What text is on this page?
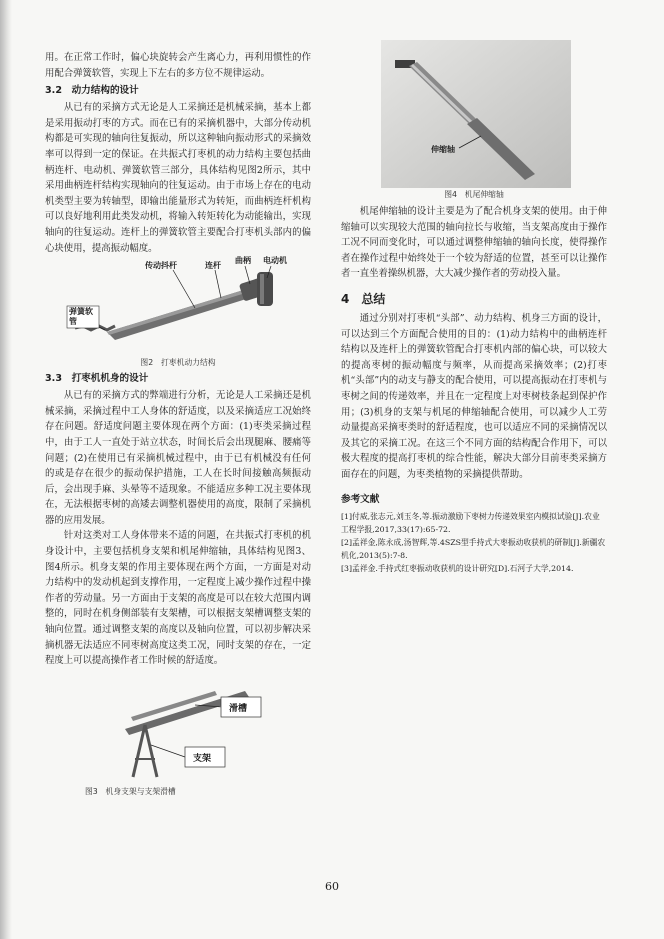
用。在正常工作时，偏心块旋转会产生离心力，再利用惯性的作用配合弹簧软管，实现上下左右的多方位不规律运动。

3.2　动力结构的设计

从已有的采摘方式无论是人工采摘还是机械采摘，基本上都是采用振动打枣的方式。而在已有的采摘机器中，大部分传动机构都是可实现的轴向往复振动，所以这种轴向振动形式的采摘效率可以得到一定的保证。在共振式打枣机的动力结构主要包括曲柄连杆、电动机、弹簧软管三部分，具体结构见图2所示，其中采用曲柄连杆结构实现轴向的往复运动。由于市场上存在的电动机类型主要为转轴型，即输出能量形式为转矩，而曲柄连杆机构可以良好地利用此类发动机，将输入转矩转化为动能输出，实现轴向的往复运动。连杆上的弹簧软管主要配合打枣机头部内的偏心块使用，提高振动幅度。

传动抖杆	连杆
曲柄 电动机
弹簧软管
图2　打枣机动力结构
3.3　打枣机机身的设计

从已有的采摘方式的弊端进行分析，无论是人工采摘还是机械采摘，采摘过程中工人身体的舒适度，以及采摘适应工况始终存在问题。舒适度问题主要体现在两个方面：(1)枣类采摘过程中，由于工人一直处于站立状态，时间长后会出现腿麻、腰痛等问题；(2)在使用已有采摘机械过程中，由于已有机械没有任何的或是存在很少的振动保护措施，工人在长时间接触高频振动后，会出现手麻、头晕等不适现象。不能适应多种工况主要体现在，无法根据枣树的高矮去调整机器使用的高度，限制了采摘机器的应用发展。

针对这类对工人身体带来不适的问题，在共振式打枣机的机身设计中，主要包括机身支架和机尾伸缩轴，具体结构见图3、图4所示。机身支架的作用主要体现在两个方面，一方面是对动力结构中的发动机起到支撑作用，一定程度上减少操作过程中操作者的劳动量。另一方面由于支架的高度是可以在较大范围内调整的，同时在机身侧部装有支架槽，可以根据支架槽调整支架的轴向位置。通过调整支架的高度以及轴向位置，可以初步解决采摘机器无法适应不同枣树高度这类工况，同时支架的存在，一定程度上可以提高操作者工作时候的舒适度。

滑槽
支架
图3　机身支架与支架滑槽
伸缩轴
图4　机尾伸缩轴

机尾伸缩轴的设计主要是为了配合机身支架的使用。由于伸缩轴可以实现较大范围的轴向拉长与收缩，当支架高度由于操作工况不同而变化时，可以通过调整伸缩轴的轴向长度，使得操作者在操作过程中始终处于一个较为舒适的位置，甚至可以让操作者一直坐着操纵机器，大大减少操作者的劳动投入量。

4　总结

通过分别对打枣机“头部”、动力结构、机身三方面的设计，可以达到三个方面配合使用的目的：(1)动力结构中的曲柄连杆结构以及连杆上的弹簧软管配合打枣机内部的偏心块，可以较大的提高枣树的振动幅度与频率，从而提高采摘效率；(2)打枣机“头部”内的动支与静支的配合使用，可以提高振动在打枣机与枣树之间的传递效率，并且在一定程度上对枣树枝条起到保护作用；(3)机身的支架与机尾的伸缩轴配合使用，可以减少人工劳动量提高采摘枣类时的舒适程度，也可以适应不同的采摘情况以及其它的采摘工况。在这三个不同方面的结构配合作用下，可以极大程度的提高打枣机的综合性能，解决大部分目前枣类采摘方面存在的问题，为枣类植物的采摘提供帮助。

参考文献

[1]付威,张志元,刘玉冬,等.振动激励下枣树力传递效果室内模拟试验[J].农业工程学报,2017,33(17):65-72.

[2]孟祥金,陈永成,汤智辉,等.4SZS型手持式大枣振动收获机的研制[J].新疆农机化,2013(5):7-8.

[3]孟祥金.手持式红枣振动收获机的设计研究[D].石河子大学,2014.

60
